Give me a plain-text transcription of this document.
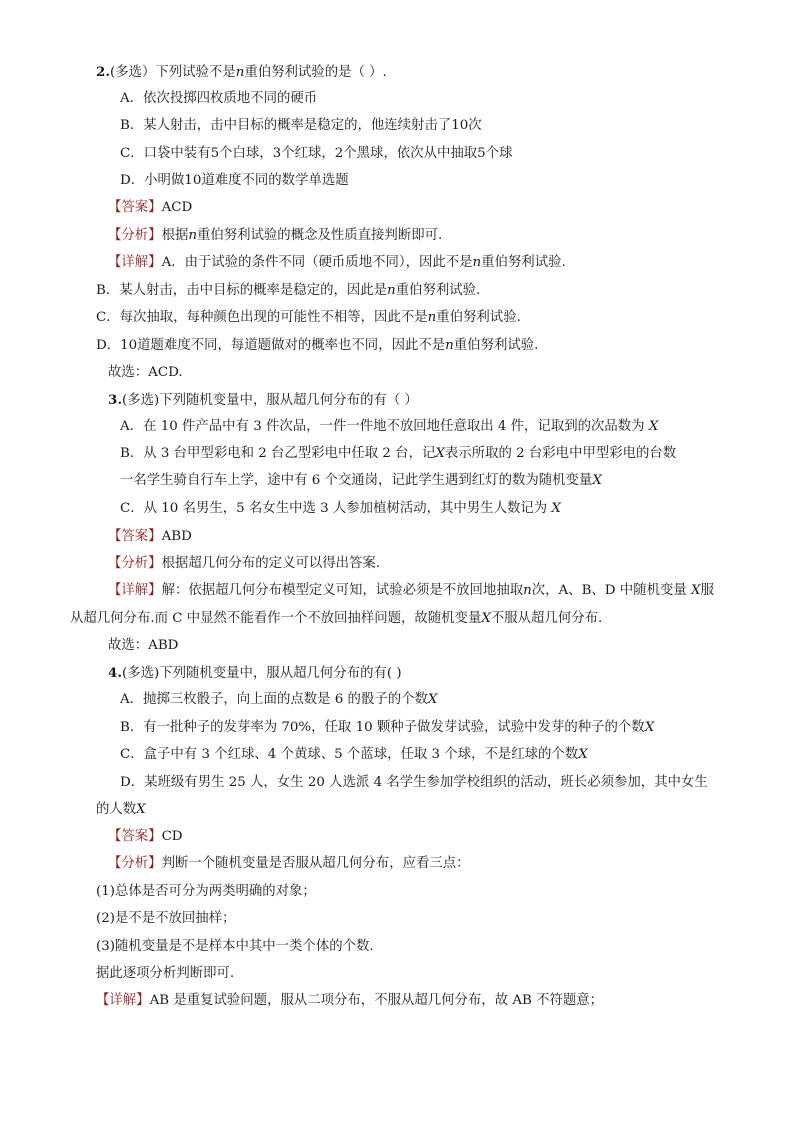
2.(多选）下列试验不是n重伯努利试验的是（ ）.
A．依次投掷四枚质地不同的硬币
B．某人射击，击中目标的概率是稳定的，他连续射击了10次
C．口袋中装有5个白球，3个红球，2个黑球，依次从中抽取5个球
D．小明做10道难度不同的数学单选题
【答案】ACD
【分析】根据n重伯努利试验的概念及性质直接判断即可.
【详解】A．由于试验的条件不同（硬币质地不同），因此不是n重伯努利试验.
B．某人射击，击中目标的概率是稳定的，因此是n重伯努利试验.
C．每次抽取，每种颜色出现的可能性不相等，因此不是n重伯努利试验.
D．10道题难度不同，每道题做对的概率也不同，因此不是n重伯努利试验.
故选：ACD.
3.(多选)下列随机变量中，服从超几何分布的有（ ）
A．在 10 件产品中有 3 件次品，一件一件地不放回地任意取出 4 件，记取到的次品数为 X
B．从 3 台甲型彩电和 2 台乙型彩电中任取 2 台，记X表示所取的 2 台彩电中甲型彩电的台数
一名学生骑自行车上学，途中有 6 个交通岗，记此学生遇到红灯的数为随机变量X
C．从 10 名男生，5 名女生中选 3 人参加植树活动，其中男生人数记为 X
【答案】ABD
【分析】根据超几何分布的定义可以得出答案.
【详解】解：依据超几何分布模型定义可知，试验必须是不放回地抽取n次，A、B、D 中随机变量 X服
从超几何分布.而 C 中显然不能看作一个不放回抽样问题，故随机变量X不服从超几何分布.
故选：ABD
4.(多选)下列随机变量中，服从超几何分布的有( )
A．抛掷三枚骰子，向上面的点数是 6 的骰子的个数X
B．有一批种子的发芽率为 70%，任取 10 颗种子做发芽试验，试验中发芽的种子的个数X
C．盒子中有 3 个红球、4 个黄球、5 个蓝球，任取 3 个球，不是红球的个数X
D．某班级有男生 25 人，女生 20 人选派 4 名学生参加学校组织的活动，班长必须参加，其中女生
的人数X
【答案】CD
【分析】判断一个随机变量是否服从超几何分布，应看三点：
(1)总体是否可分为两类明确的对象；
(2)是不是不放回抽样；
(3)随机变量是不是样本中其中一类个体的个数.
据此逐项分析判断即可.
【详解】AB 是重复试验问题，服从二项分布，不服从超几何分布，故 AB 不符题意；
